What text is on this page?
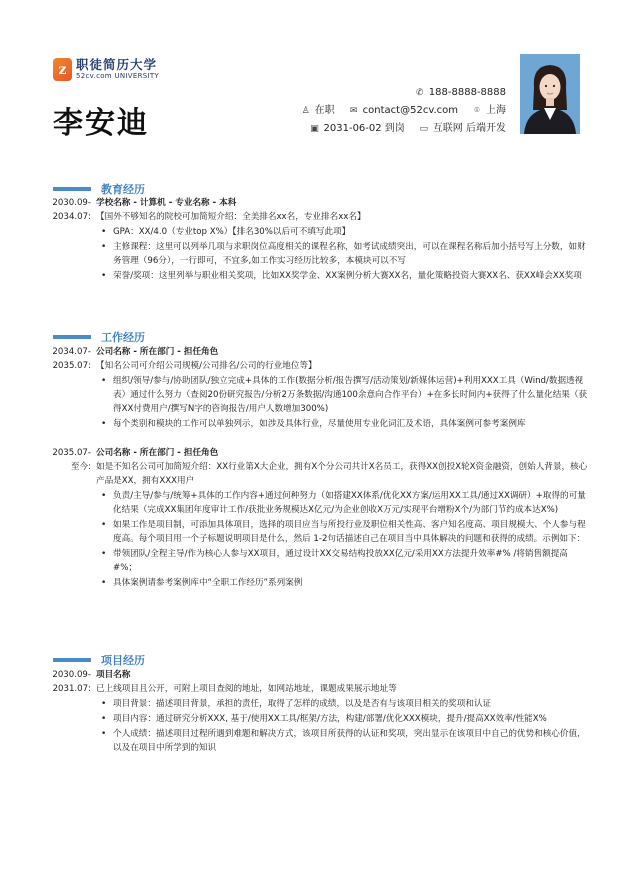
z 职徒简历大学
52cv.com UNIVERSITY
李安迪
✆ 188-8888-8888
♙ 在职 ✉ contact@52cv.com ⌾ 上海
▣ 2031-06-02 到岗 ▭ 互联网 后端开发
教育经历
2030.09- 学校名称 - 计算机 - 专业名称 - 本科
2034.07: 【国外不够知名的院校可加简短介绍：全美排名xx名，专业排名xx名】
• GPA：XX/4.0（专业top X%）【排名30%以后可不填写此项】
• 主修课程：这里可以列举几项与求职岗位高度相关的课程名称，如考试成绩突出，可以在课程名称后加小括号写上分数，如财务管理（96分），一行即可，不宜多,如工作实习经历比较多，本模块可以不写
• 荣誉/奖项：这里列举与职业相关奖项，比如XX奖学金、XX案例分析大赛XX名，量化策略投资大赛XX名、获XX峰会XX奖项
工作经历
2034.07- 公司名称 - 所在部门 - 担任角色
2035.07: 【知名公司可介绍公司规模/公司排名/公司的行业地位等】
• 组织/领导/参与/协助团队/独立完成+具体的工作(数据分析/报告撰写/活动策划/新媒体运营)+利用XXX工具（Wind/数据透视表）通过什么努力（查阅20份研究报告/分析2万条数据/沟通100余意向合作平台）+在多长时间内+获得了什么量化结果（获得XX付费用户/撰写N字的咨询报告/用户人数增加300%)
• 每个类别和模块的工作可以单独列示，如涉及具体行业，尽量使用专业化词汇及术语，具体案例可参考案例库
2035.07- 公司名称 - 所在部门 - 担任角色
至今: 如是不知名公司可加简短介绍：XX行业第X大企业，拥有X个分公司共计X名员工，获得XX创投X轮X资金融资，创始人背景，核心产品是XX，拥有XXX用户
• 负责/主导/参与/统筹+具体的工作内容+通过何种努力（如搭建XX体系/优化XX方案/运用XX工具/通过XX调研）+取得的可量化结果（完成XX集团年度审计工作/获批业务规模达X亿元/为企业创收X万元/实现平台增粉X个/为部门节约成本达X%)
• 如果工作是项目制，可添加具体项目，选择的项目应当与所投行业及职位相关性高、客户知名度高、项目规模大、个人参与程度高。每个项目用一个子标题说明项目是什么，然后 1-2句话描述自己在项目当中具体解决的问题和获得的成绩。示例如下：
• 带领团队/全程主导/作为核心人参与XX项目，通过设计XX交易结构投放XX亿元/采用XX方法提升效率#% /将销售额提高#%；
• 具体案例请参考案例库中“全职工作经历”系列案例
项目经历
2030.09- 项目名称
2031.07: 已上线项目且公开，可附上项目查阅的地址，如网站地址，课题成果展示地址等
• 项目背景：描述项目背景，承担的责任，取得了怎样的成绩，以及是否有与该项目相关的奖项和认证
• 项目内容：通过研究分析XXX, 基于/使用XX工具/框架/方法，构建/部署/优化XXX模块，提升/提高XX效率/性能X%
• 个人成绩：描述项目过程所遇到难题和解决方式，该项目所获得的认证和奖项，突出显示在该项目中自己的优势和核心价值，以及在项目中所学到的知识
